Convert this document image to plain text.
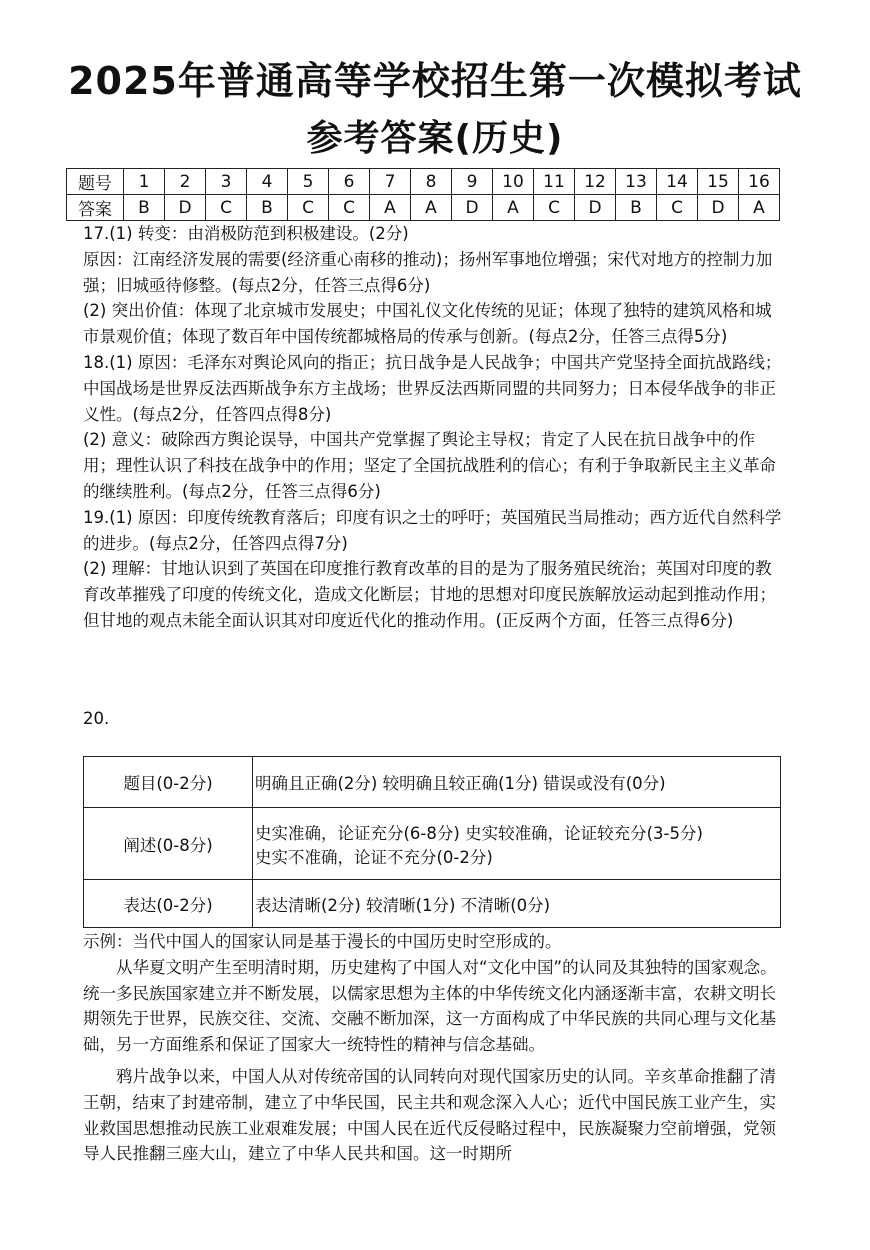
2025年普通高等学校招生第一次模拟考试
参考答案(历史)
题号	1	2	3	4	5	6	7	8	9	10	11	12	13	14	15	16
答案	B	D	C	B	C	C	A	A	D	A	C	D	B	C	D	A

17.(1) 转变：由消极防范到积极建设。(2分)

原因：江南经济发展的需要(经济重心南移的推动)；扬州军事地位增强；宋代对地方的控制力加强；旧城亟待修整。(每点2分，任答三点得6分)

(2) 突出价值：体现了北京城市发展史；中国礼仪文化传统的见证；体现了独特的建筑风格和城市景观价值；体现了数百年中国传统都城格局的传承与创新。(每点2分，任答三点得5分)

18.(1) 原因：毛泽东对舆论风向的指正；抗日战争是人民战争；中国共产党坚持全面抗战路线；中国战场是世界反法西斯战争东方主战场；世界反法西斯同盟的共同努力；日本侵华战争的非正义性。(每点2分，任答四点得8分)

(2) 意义：破除西方舆论误导，中国共产党掌握了舆论主导权；肯定了人民在抗日战争中的作用；理性认识了科技在战争中的作用；坚定了全国抗战胜利的信心；有利于争取新民主主义革命的继续胜利。(每点2分，任答三点得6分)

19.(1) 原因：印度传统教育落后；印度有识之士的呼吁；英国殖民当局推动；西方近代自然科学的进步。(每点2分，任答四点得7分)

(2) 理解：甘地认识到了英国在印度推行教育改革的目的是为了服务殖民统治；英国对印度的教育改革摧残了印度的传统文化，造成文化断层；甘地的思想对印度民族解放运动起到推动作用；但甘地的观点未能全面认识其对印度近代化的推动作用。(正反两个方面，任答三点得6分)

20.
题目(0-2分)	明确且正确(2分) 较明确且较正确(1分) 错误或没有(0分)

阐述(0-8分)	史实准确，论证充分(6-8分) 史实较准确，论证较充分(3-5分)
史实不准确，论证不充分(0-2分)

表达(0-2分)	表达清晰(2分) 较清晰(1分) 不清晰(0分)

示例：当代中国人的国家认同是基于漫长的中国历史时空形成的。

从华夏文明产生至明清时期，历史建构了中国人对“文化中国”的认同及其独特的国家观念。统一多民族国家建立并不断发展，以儒家思想为主体的中华传统文化内涵逐渐丰富，农耕文明长期领先于世界，民族交往、交流、交融不断加深，这一方面构成了中华民族的共同心理与文化基础，另一方面维系和保证了国家大一统特性的精神与信念基础。

鸦片战争以来，中国人从对传统帝国的认同转向对现代国家历史的认同。辛亥革命推翻了清王朝，结束了封建帝制，建立了中华民国，民主共和观念深入人心；近代中国民族工业产生，实业救国思想推动民族工业艰难发展；中国人民在近代反侵略过程中，民族凝聚力空前增强，党领导人民推翻三座大山，建立了中华人民共和国。这一时期所
